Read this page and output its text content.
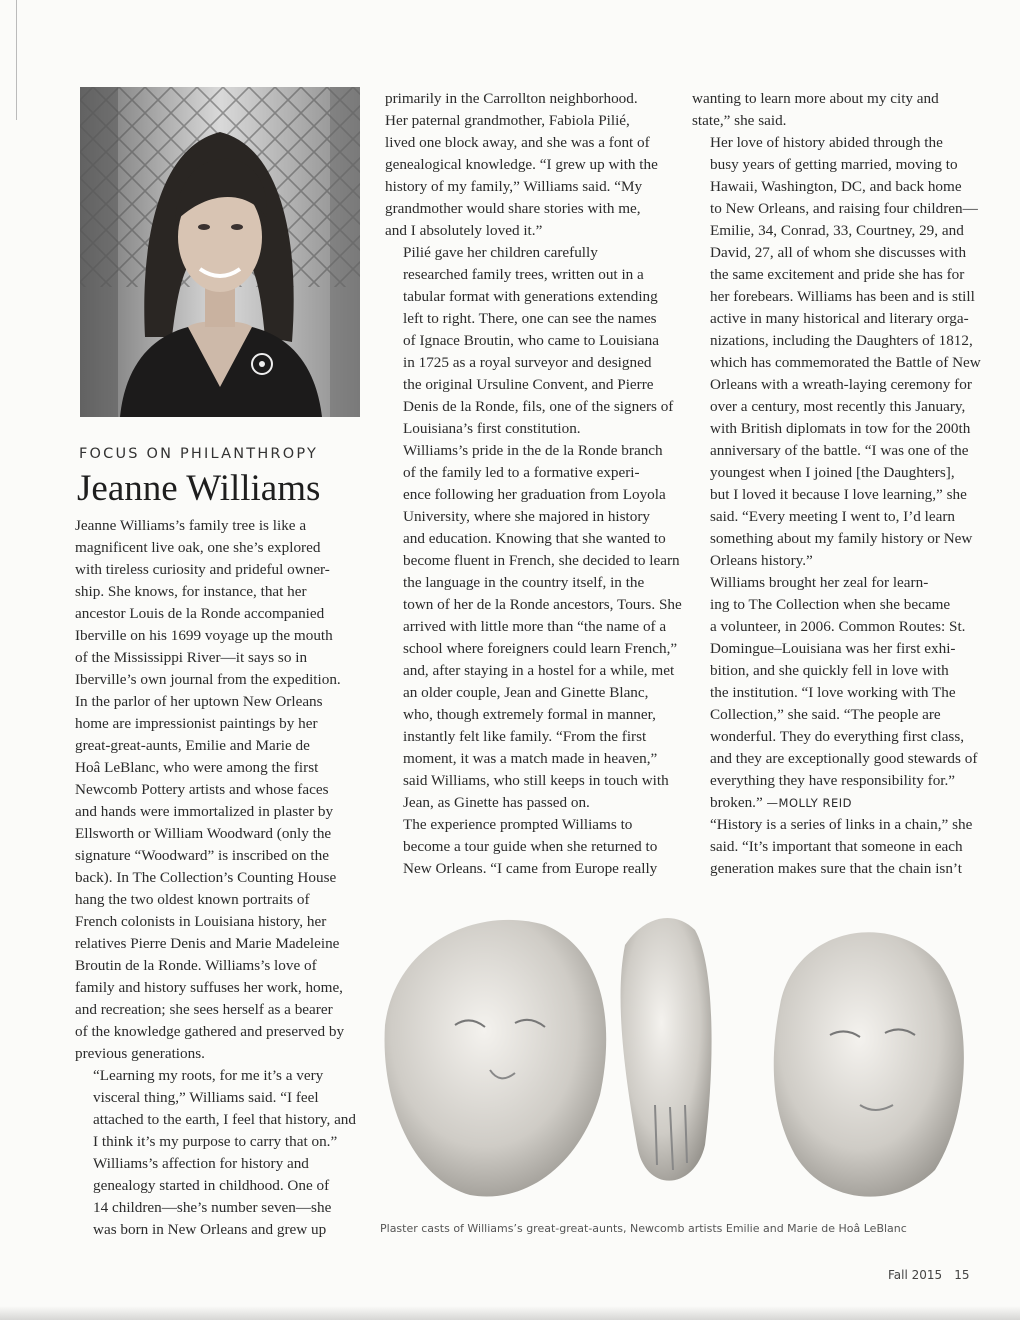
FOCUS ON PHILANTHROPY
Jeanne Williams

Jeanne Williams’s family tree is like a
magnificent live oak, one she’s explored
with tireless curiosity and prideful owner-
ship. She knows, for instance, that her
ancestor Louis de la Ronde accompanied
Iberville on his 1699 voyage up the mouth
of the Mississippi River—it says so in
Iberville’s own journal from the expedition.
In the parlor of her uptown New Orleans
home are impressionist paintings by her
great-great-aunts, Emilie and Marie de
Hoâ LeBlanc, who were among the first
Newcomb Pottery artists and whose faces
and hands were immortalized in plaster by
Ellsworth or William Woodward (only the
signature “Woodward” is inscribed on the
back). In The Collection’s Counting House
hang the two oldest known portraits of
French colonists in Louisiana history, her
relatives Pierre Denis and Marie Madeleine
Broutin de la Ronde. Williams’s love of
family and history suffuses her work, home,
and recreation; she sees herself as a bearer
of the knowledge gathered and preserved by
previous generations.

“Learning my roots, for me it’s a very
visceral thing,” Williams said. “I feel
attached to the earth, I feel that history, and
I think it’s my purpose to carry that on.”

Williams’s affection for history and
genealogy started in childhood. One of
14 children—she’s number seven—she
was born in New Orleans and grew up

primarily in the Carrollton neighborhood.
Her paternal grandmother, Fabiola Pilié,
lived one block away, and she was a font of
genealogical knowledge. “I grew up with the
history of my family,” Williams said. “My
grandmother would share stories with me,
and I absolutely loved it.”

Pilié gave her children carefully
researched family trees, written out in a
tabular format with generations extending
left to right. There, one can see the names
of Ignace Broutin, who came to Louisiana
in 1725 as a royal surveyor and designed
the original Ursuline Convent, and Pierre
Denis de la Ronde, fils, one of the signers of
Louisiana’s first constitution.

Williams’s pride in the de la Ronde branch
of the family led to a formative experi-
ence following her graduation from Loyola
University, where she majored in history
and education. Knowing that she wanted to
become fluent in French, she decided to learn
the language in the country itself, in the
town of her de la Ronde ancestors, Tours. She
arrived with little more than “the name of a
school where foreigners could learn French,”
and, after staying in a hostel for a while, met
an older couple, Jean and Ginette Blanc,
who, though extremely formal in manner,
instantly felt like family. “From the first
moment, it was a match made in heaven,”
said Williams, who still keeps in touch with
Jean, as Ginette has passed on.

The experience prompted Williams to
become a tour guide when she returned to
New Orleans. “I came from Europe really

wanting to learn more about my city and
state,” she said.

Her love of history abided through the
busy years of getting married, moving to
Hawaii, Washington, DC, and back home
to New Orleans, and raising four children—
Emilie, 34, Conrad, 33, Courtney, 29, and
David, 27, all of whom she discusses with
the same excitement and pride she has for
her forebears. Williams has been and is still
active in many historical and literary orga-
nizations, including the Daughters of 1812,
which has commemorated the Battle of New
Orleans with a wreath-laying ceremony for
over a century, most recently this January,
with British diplomats in tow for the 200th
anniversary of the battle. “I was one of the
youngest when I joined [the Daughters],
but I loved it because I love learning,” she
said. “Every meeting I went to, I’d learn
something about my family history or New
Orleans history.”

Williams brought her zeal for learn-
ing to The Collection when she became
a volunteer, in 2006. Common Routes: St.
Domingue–Louisiana was her first exhi-
bition, and she quickly fell in love with
the institution. “I love working with The
Collection,” she said. “The people are
wonderful. They do everything first class,
and they are exceptionally good stewards of
everything they have responsibility for.”

broken.” —MOLLY REID
“History is a series of links in a chain,” she
said. “It’s important that someone in each
generation makes sure that the chain isn’t

Plaster casts of Williams’s great-great-aunts, Newcomb artists Emilie and Marie de Hoâ LeBlanc
Fall 2015 15
